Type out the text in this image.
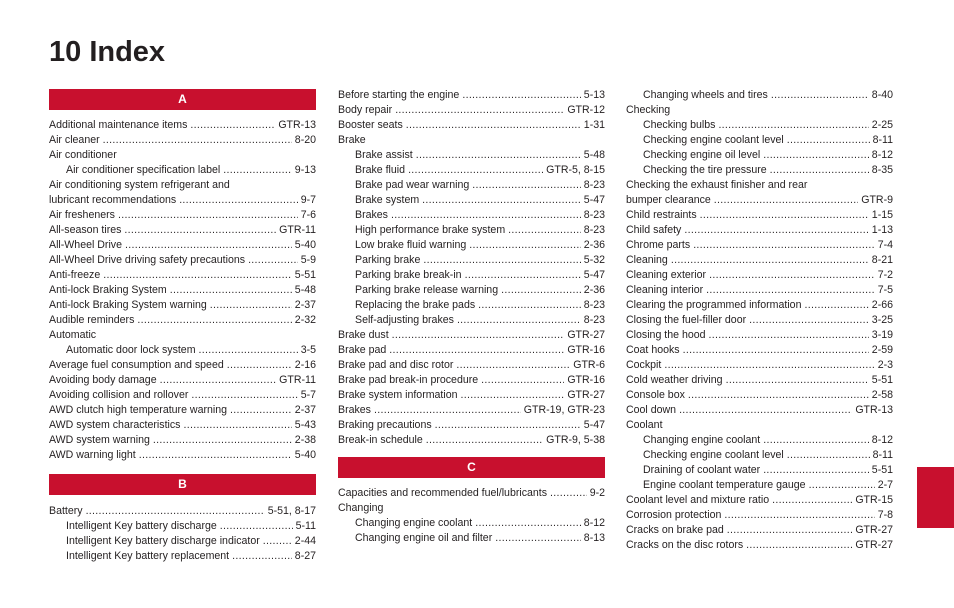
10 Index
A
Additional maintenance items .....	GTR-13
Air cleaner .....	8-20
Air conditioner
Air conditioner specification label .....	9-13
Air conditioning system refrigerant and
lubricant recommendations .....	9-7
Air fresheners .....	7-6
All-season tires .....	GTR-11
All-Wheel Drive .....	5-40
All-Wheel Drive driving safety precautions .....	5-9
Anti-freeze .....	5-51
Anti-lock Braking System .....	5-48
Anti-lock Braking System warning .....	2-37
Audible reminders .....	2-32
Automatic
Automatic door lock system .....	3-5
Average fuel consumption and speed .....	2-16
Avoiding body damage .....	GTR-11
Avoiding collision and rollover .....	5-7
AWD clutch high temperature warning .....	2-37
AWD system characteristics .....	5-43
AWD system warning .....	2-38
AWD warning light .....	5-40
B
Battery .....	5-51, 8-17
Intelligent Key battery discharge .....	5-11
Intelligent Key battery discharge indicator .....	2-44
Intelligent Key battery replacement .....	8-27
Before starting the engine .....	5-13
Body repair .....	GTR-12
Booster seats .....	1-31
Brake
Brake assist .....	5-48
Brake fluid .....	GTR-5, 8-15
Brake pad wear warning .....	8-23
Brake system .....	5-47
Brakes .....	8-23
High performance brake system .....	8-23
Low brake fluid warning .....	2-36
Parking brake .....	5-32
Parking brake break-in .....	5-47
Parking brake release warning .....	2-36
Replacing the brake pads .....	8-23
Self-adjusting brakes .....	8-23
Brake dust .....	GTR-27
Brake pad .....	GTR-16
Brake pad and disc rotor .....	GTR-6
Brake pad break-in procedure .....	GTR-16
Brake system information .....	GTR-27
Brakes .....	GTR-19, GTR-23
Braking precautions .....	5-47
Break-in schedule .....	GTR-9, 5-38
C
Capacities and recommended fuel/lubricants .....	9-2
Changing
Changing engine coolant .....	8-12
Changing engine oil and filter .....	8-13
Changing wheels and tires .....	8-40
Checking
Checking bulbs .....	2-25
Checking engine coolant level .....	8-11
Checking engine oil level .....	8-12
Checking the tire pressure .....	8-35
Checking the exhaust finisher and rear
bumper clearance .....	GTR-9
Child restraints .....	1-15
Child safety .....	1-13
Chrome parts .....	7-4
Cleaning .....	8-21
Cleaning exterior .....	7-2
Cleaning interior .....	7-5
Clearing the programmed information .....	2-66
Closing the fuel-filler door .....	3-25
Closing the hood .....	3-19
Coat hooks .....	2-59
Cockpit .....	2-3
Cold weather driving .....	5-51
Console box .....	2-58
Cool down .....	GTR-13
Coolant
Changing engine coolant .....	8-12
Checking engine coolant level .....	8-11
Draining of coolant water .....	5-51
Engine coolant temperature gauge .....	2-7
Coolant level and mixture ratio .....	GTR-15
Corrosion protection .....	7-8
Cracks on brake pad .....	GTR-27
Cracks on the disc rotors .....	GTR-27
